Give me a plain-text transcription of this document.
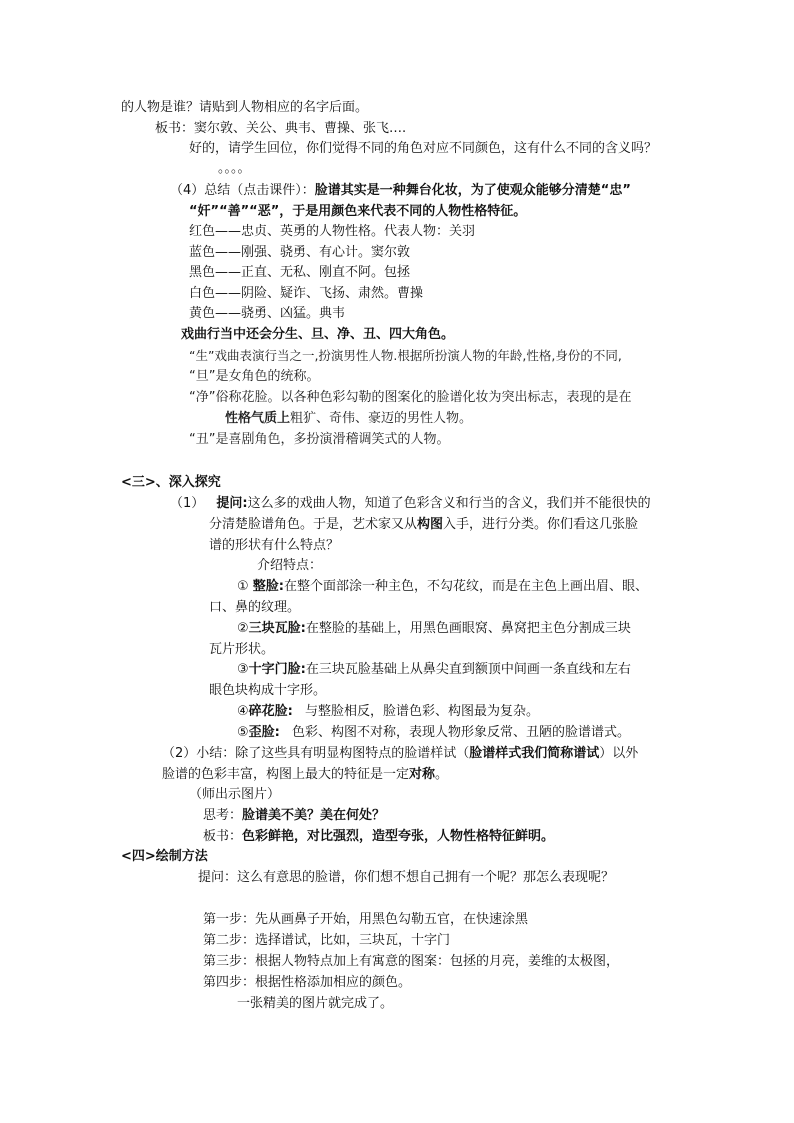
的人物是谁？请贴到人物相应的名字后面。
板书：窦尔敦、关公、典韦、曹操、张飞….
好的，请学生回位，你们觉得不同的角色对应不同颜色，这有什么不同的含义吗？
。。。。
（4）总结（点击课件）：脸谱其实是一种舞台化妆，为了使观众能够分清楚“忠”
“奸”“善”“恶”，于是用颜色来代表不同的人物性格特征。
红色——忠贞、英勇的人物性格。代表人物：关羽
蓝色——刚强、骁勇、有心计。窦尔敦
黑色——正直、无私、刚直不阿。包拯
白色——阴险、疑诈、飞扬、肃然。曹操
黄色——骁勇、凶猛。典韦
戏曲行当中还会分生、旦、净、丑、四大角色。
“生”戏曲表演行当之一,扮演男性人物.根据所扮演人物的年龄,性格,身份的不同,
“旦”是女角色的统称。
“净”俗称花脸。以各种色彩勾勒的图案化的脸谱化妆为突出标志，表现的是在
性格气质上粗犷、奇伟、豪迈的男性人物。
“丑”是喜剧角色，多扮演滑稽调笑式的人物。
<三>、深入探究
（1） 提问:这么多的戏曲人物，知道了色彩含义和行当的含义，我们并不能很快的
分清楚脸谱角色。于是，艺术家又从构图入手，进行分类。你们看这几张脸
谱的形状有什么特点？
介绍特点：
① 整脸:在整个面部涂一种主色，不勾花纹，而是在主色上画出眉、眼、
口、鼻的纹理。
②三块瓦脸:在整脸的基础上，用黑色画眼窝、鼻窝把主色分割成三块
瓦片形状。
③十字门脸:在三块瓦脸基础上从鼻尖直到额顶中间画一条直线和左右
眼色块构成十字形。
④碎花脸: 与整脸相反，脸谱色彩、构图最为复杂。
⑤歪脸: 色彩、构图不对称，表现人物形象反常、丑陋的脸谱谱式。
（2）小结：除了这些具有明显构图特点的脸谱样试（脸谱样式我们简称谱试）以外
脸谱的色彩丰富，构图上最大的特征是一定对称。
（师出示图片）
思考：脸谱美不美？美在何处？
板书：色彩鲜艳，对比强烈，造型夸张，人物性格特征鲜明。
<四>绘制方法
提问：这么有意思的脸谱，你们想不想自己拥有一个呢？那怎么表现呢？
第一步：先从画鼻子开始，用黑色勾勒五官，在快速涂黑
第二步：选择谱试，比如，三块瓦，十字门
第三步：根据人物特点加上有寓意的图案：包拯的月亮，姜维的太极图，
第四步：根据性格添加相应的颜色。
一张精美的图片就完成了。
